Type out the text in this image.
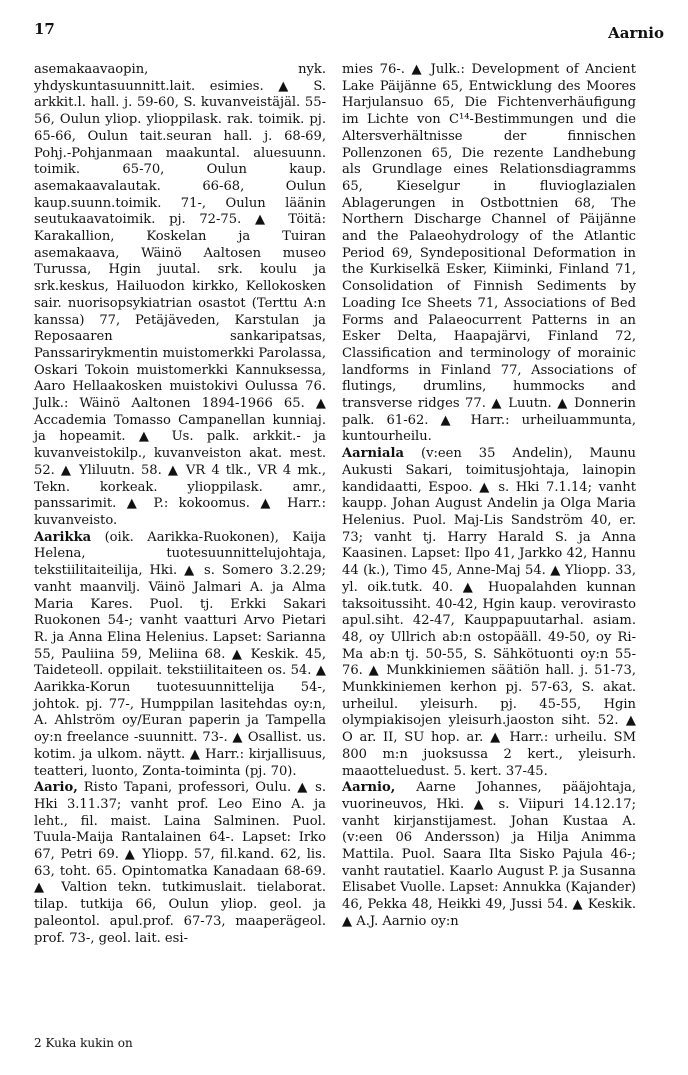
17	Aarnio

asemakaavaopin, nyk. yhdyskuntasuunnitt.lait. esimies. ▲ S. arkkit.l. hall. j. 59-60, S. kuvanveistäjäl. 55-56, Oulun yliop. ylioppilask. rak. toimik. pj. 65-66, Oulun tait.seuran hall. j. 68-69, Pohj.-Pohjanmaan maakuntal. aluesuunn. toimik. 65-70, Oulun kaup. asemakaavalautak. 66-68, Oulun kaup.suunn.toimik. 71-, Oulun läänin seutukaavatoimik. pj. 72-75. ▲ Töitä: Karakallion, Koskelan ja Tuiran asemakaava, Wäinö Aaltosen museo Turussa, Hgin juutal. srk. koulu ja srk.keskus, Hailuodon kirkko, Kellokosken sair. nuorisopsykiatrian osastot (Terttu A:n kanssa) 77, Petäjäveden, Karstulan ja Reposaaren sankaripatsas, Panssarirykmentin muistomerkki Parolassa, Oskari Tokoin muistomerkki Kannuksessa, Aaro Hellaakosken muistokivi Oulussa 76. Julk.: Wäinö Aaltonen 1894-1966 65. ▲ Accademia Tomasso Campanellan kunniaj. ja hopeamit. ▲ Us. palk. arkkit.- ja kuvanveistokilp., kuvanveiston akat. mest. 52. ▲ Yliluutn. 58. ▲ VR 4 tlk., VR 4 mk., Tekn. korkeak. ylioppilask. amr., panssarimit. ▲ P.: kokoomus. ▲ Harr.: kuvanveisto.

Aarikka (oik. Aarikka-Ruokonen), Kaija Helena, tuotesuunnittelujohtaja, tekstiilitaiteilija, Hki. ▲ s. Somero 3.2.29; vanht maanvilj. Väinö Jalmari A. ja Alma Maria Kares. Puol. tj. Erkki Sakari Ruokonen 54-; vanht vaatturi Arvo Pietari R. ja Anna Elina Helenius. Lapset: Sarianna 55, Pauliina 59, Meliina 68. ▲ Keskik. 45, Taideteoll. oppilait. tekstiilitaiteen os. 54. ▲ Aarikka-Korun tuotesuunnittelija 54-, johtok. pj. 77-, Humppilan lasitehdas oy:n, A. Ahlström oy/Euran paperin ja Tampella oy:n freelance -suunnitt. 73-. ▲ Osallist. us. kotim. ja ulkom. näytt. ▲ Harr.: kirjallisuus, teatteri, luonto, Zonta-toiminta (pj. 70).

Aario, Risto Tapani, professori, Oulu. ▲ s. Hki 3.11.37; vanht prof. Leo Eino A. ja leht., fil. maist. Laina Salminen. Puol. Tuula-Maija Rantalainen 64-. Lapset: Irko 67, Petri 69. ▲ Yliopp. 57, fil.kand. 62, lis. 63, toht. 65. Opintomatka Kanadaan 68-69. ▲ Valtion tekn. tutkimuslait. tielaborat. tilap. tutkija 66, Oulun yliop. geol. ja paleontol. apul.prof. 67-73, maaperägeol. prof. 73-, geol. lait. esi-

mies 76-. ▲ Julk.: Development of Ancient Lake Päijänne 65, Entwicklung des Moores Harjulansuo 65, Die Fichtenverhäufigung im Lichte von C¹⁴-Bestimmungen und die Altersverhältnisse der finnischen Pollenzonen 65, Die rezente Landhebung als Grundlage eines Relationsdiagramms 65, Kieselgur in fluvioglazialen Ablagerungen in Ostbottnien 68, The Northern Discharge Channel of Päijänne and the Palaeohydrology of the Atlantic Period 69, Syndepositional Deformation in the Kurkiselkä Esker, Kiiminki, Finland 71, Consolidation of Finnish Sediments by Loading Ice Sheets 71, Associations of Bed Forms and Palaeocurrent Patterns in an Esker Delta, Haapajärvi, Finland 72, Classification and terminology of morainic landforms in Finland 77, Associations of flutings, drumlins, hummocks and transverse ridges 77. ▲ Luutn. ▲ Donnerin palk. 61-62. ▲ Harr.: urheiluammunta, kuntourheilu.

Aarniala (v:een 35 Andelin), Maunu Aukusti Sakari, toimitusjohtaja, lainopin kandidaatti, Espoo. ▲ s. Hki 7.1.14; vanht kaupp. Johan August Andelin ja Olga Maria Helenius. Puol. Maj-Lis Sandström 40, er. 73; vanht tj. Harry Harald S. ja Anna Kaasinen. Lapset: Ilpo 41, Jarkko 42, Hannu 44 (k.), Timo 45, Anne-Maj 54. ▲ Yliopp. 33, yl. oik.tutk. 40. ▲ Huopalahden kunnan taksoitussiht. 40-42, Hgin kaup. verovirasto apul.siht. 42-47, Kauppapuutarhal. asiam. 48, oy Ullrich ab:n ostopääll. 49-50, oy Ri-Ma ab:n tj. 50-55, S. Sähkötuonti oy:n 55-76. ▲ Munkkiniemen säätiön hall. j. 51-73, Munkkiniemen kerhon pj. 57-63, S. akat. urheilul. yleisurh. pj. 45-55, Hgin olympiakisojen yleisurh.jaoston siht. 52. ▲ O ar. II, SU hop. ar. ▲ Harr.: urheilu. SM 800 m:n juoksussa 2 kert., yleisurh. maaotteluedust. 5. kert. 37-45.

Aarnio, Aarne Johannes, pääjohtaja, vuorineuvos, Hki. ▲ s. Viipuri 14.12.17; vanht kirjanstijamest. Johan Kustaa A. (v:een 06 Andersson) ja Hilja Animma Mattila. Puol. Saara Ilta Sisko Pajula 46-; vanht rautatiel. Kaarlo August P. ja Susanna Elisabet Vuolle. Lapset: Annukka (Kajander) 46, Pekka 48, Heikki 49, Jussi 54. ▲ Keskik. ▲ A.J. Aarnio oy:n

2 Kuka kukin on
